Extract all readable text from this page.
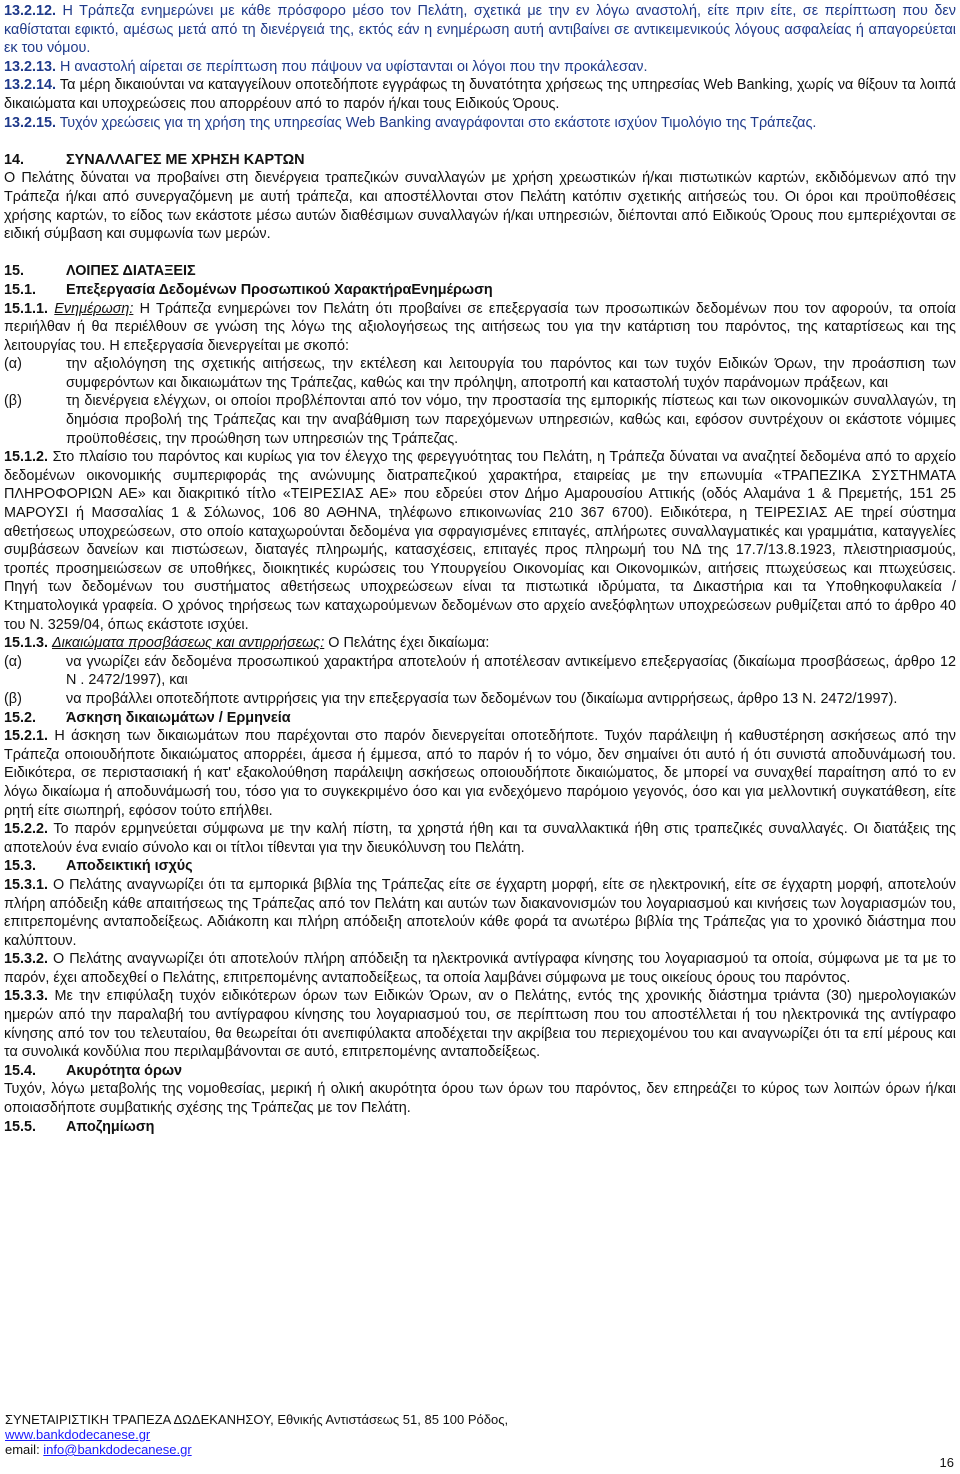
13.2.12. Η Τράπεζα ενημερώνει με κάθε πρόσφορο μέσο τον Πελάτη, σχετικά με την εν λόγω αναστολή, είτε πριν είτε, σε περίπτωση που δεν καθίσταται εφικτό, αμέσως μετά από τη διενέργειά της, εκτός εάν η ενημέρωση αυτή αντιβαίνει σε αντικειμενικούς λόγους ασφαλείας ή απαγορεύεται εκ του νόμου.

13.2.13. Η αναστολή αίρεται σε περίπτωση που πάψουν να υφίστανται οι λόγοι που την προκάλεσαν.

13.2.14. Τα μέρη δικαιούνται να καταγγείλουν οποτεδήποτε εγγράφως τη δυνατότητα χρήσεως της υπηρεσίας Web Banking, χωρίς να θίξουν τα λοιπά δικαιώματα και υποχρεώσεις που απορρέουν από το παρόν ή/και τους Ειδικούς Όρους.

13.2.15. Τυχόν χρεώσεις για τη χρήση της υπηρεσίας Web Banking αναγράφονται στο εκάστοτε ισχύον Τιμολόγιο της Τράπεζας.

14.	ΣΥΝΑΛΛΑΓΕΣ ΜΕ ΧΡΗΣΗ ΚΑΡΤΩΝ

Ο Πελάτης δύναται να προβαίνει στη διενέργεια τραπεζικών συναλλαγών με χρήση χρεωστικών ή/και πιστωτικών καρτών, εκδιδόμενων από την Τράπεζα ή/και από συνεργαζόμενη με αυτή τράπεζα, και αποστέλλονται στον Πελάτη κατόπιν σχετικής αιτήσεώς του. Οι όροι και προϋποθέσεις χρήσης καρτών, το είδος των εκάστοτε μέσω αυτών διαθέσιμων συναλλαγών ή/και υπηρεσιών, διέπονται από Ειδικούς Όρους που εμπεριέχονται σε ειδική σύμβαση και συμφωνία των μερών.

15.	ΛΟΙΠΕΣ ΔΙΑΤΑΞΕΙΣ
15.1.	Επεξεργασία Δεδομένων Προσωπικού ΧαρακτήραΕνημέρωση

15.1.1. Ενημέρωση: Η Τράπεζα ενημερώνει τον Πελάτη ότι προβαίνει σε επεξεργασία των προσωπικών δεδομένων που τον αφορούν, τα οποία περιήλθαν ή θα περιέλθουν σε γνώση της λόγω της αξιολογήσεως της αιτήσεως του για την κατάρτιση του παρόντος, της καταρτίσεως και της λειτουργίας του. Η επεξεργασία διενεργείται με σκοπό:

(α)	την αξιολόγηση της σχετικής αιτήσεως, την εκτέλεση και λειτουργία του παρόντος και των τυχόν Ειδικών Όρων, την προάσπιση των συμφερόντων και δικαιωμάτων της Τράπεζας, καθώς και την πρόληψη, αποτροπή και καταστολή τυχόν παράνομων πράξεων, και
(β)	τη διενέργεια ελέγχων, οι οποίοι προβλέπονται από τον νόμο, την προστασία της εμπορικής πίστεως και των οικονομικών συναλλαγών, τη δημόσια προβολή της Τράπεζας και την αναβάθμιση των παρεχόμενων υπηρεσιών, καθώς και, εφόσον συντρέχουν οι εκάστοτε νόμιμες προϋποθέσεις, την προώθηση των υπηρεσιών της Τράπεζας.

15.1.2. Στο πλαίσιο του παρόντος και κυρίως για τον έλεγχο της φερεγγυότητας του Πελάτη, η Τράπεζα δύναται να αναζητεί δεδομένα από το αρχείο δεδομένων οικονομικής συμπεριφοράς της ανώνυμης διατραπεζικού χαρακτήρα, εταιρείας με την επωνυμία «ΤΡΑΠΕΖΙΚΑ ΣΥΣΤΗΜΑΤΑ ΠΛΗΡΟΦΟΡΙΩΝ ΑΕ» και διακριτικό τίτλο «ΤΕΙΡΕΣΙΑΣ ΑΕ» που εδρεύει στον Δήμο Αμαρουσίου Αττικής (οδός Αλαμάνα 1 & Πρεμετής, 151 25 ΜΑΡΟΥΣΙ ή Μασσαλίας 1 & Σόλωνος, 106 80 ΑΘΗΝΑ, τηλέφωνο επικοινωνίας 210 367 6700). Ειδικότερα, η ΤΕΙΡΕΣΙΑΣ ΑΕ τηρεί σύστημα αθετήσεως υποχρεώσεων, στο οποίο καταχωρούνται δεδομένα για σφραγισμένες επιταγές, απλήρωτες συναλλαγματικές και γραμμάτια, καταγγελίες συμβάσεων δανείων και πιστώσεων, διαταγές πληρωμής, κατασχέσεις, επιταγές προς πληρωμή του ΝΔ της 17.7/13.8.1923, πλειστηριασμούς, τροπές προσημειώσεων σε υποθήκες, διοικητικές κυρώσεις του Υπουργείου Οικονομίας και Οικονομικών, αιτήσεις πτωχεύσεως και πτωχεύσεις. Πηγή των δεδομένων του συστήματος αθετήσεως υποχρεώσεων είναι τα πιστωτικά ιδρύματα, τα Δικαστήρια και τα Υποθηκοφυλακεία / Κτηματολογικά γραφεία. Ο χρόνος τηρήσεως των καταχωρούμενων δεδομένων στο αρχείο ανεξόφλητων υποχρεώσεων ρυθμίζεται από το άρθρο 40 του Ν. 3259/04, όπως εκάστοτε ισχύει.

15.1.3. Δικαιώματα προσβάσεως και αντιρρήσεως: Ο Πελάτης έχει δικαίωμα:

(α)	να γνωρίζει εάν δεδομένα προσωπικού χαρακτήρα αποτελούν ή αποτέλεσαν αντικείμενο επεξεργασίας (δικαίωμα προσβάσεως, άρθρο 12 Ν . 2472/1997), και
(β)	να προβάλλει οποτεδήποτε αντιρρήσεις για την επεξεργασία των δεδομένων του (δικαίωμα αντιρρήσεως, άρθρο 13 Ν. 2472/1997).
15.2.	Άσκηση δικαιωμάτων / Ερμηνεία

15.2.1. Η άσκηση των δικαιωμάτων που παρέχονται στο παρόν διενεργείται οποτεδήποτε. Τυχόν παράλειψη ή καθυστέρηση ασκήσεως από την Τράπεζα οποιουδήποτε δικαιώματος απορρέει, άμεσα ή έμμεσα, από το παρόν ή το νόμο, δεν σημαίνει ότι αυτό ή ότι συνιστά αποδυνάμωσή του. Ειδικότερα, σε περιστασιακή ή κατ' εξακολούθηση παράλειψη ασκήσεως οποιουδήποτε δικαιώματος, δε μπορεί να συναχθεί παραίτηση από το εν λόγω δικαίωμα ή αποδυνάμωσή του, τόσο για το συγκεκριμένο όσο και για ενδεχόμενο παρόμοιο γεγονός, όσο και για μελλοντική συγκατάθεση, είτε ρητή είτε σιωπηρή, εφόσον τούτο επήλθει.

15.2.2. Το παρόν ερμηνεύεται σύμφωνα με την καλή πίστη, τα χρηστά ήθη και τα συναλλακτικά ήθη στις τραπεζικές συναλλαγές. Οι διατάξεις της αποτελούν ένα ενιαίο σύνολο και οι τίτλοι τίθενται για την διευκόλυνση του Πελάτη.

15.3.	Αποδεικτική ισχύς

15.3.1. Ο Πελάτης αναγνωρίζει ότι τα εμπορικά βιβλία της Τράπεζας είτε σε έγχαρτη μορφή, είτε σε ηλεκτρονική, είτε σε έγχαρτη μορφή, αποτελούν πλήρη απόδειξη κάθε απαιτήσεως της Τράπεζας από τον Πελάτη και αυτών των διακανονισμών του λογαριασμού και κινήσεις των λογαριασμών του, επιτρεπομένης ανταποδείξεως. Αδιάκοπη και πλήρη απόδειξη αποτελούν κάθε φορά τα ανωτέρω βιβλία της Τράπεζας για το χρονικό διάστημα που καλύπτουν.

15.3.2. Ο Πελάτης αναγνωρίζει ότι αποτελούν πλήρη απόδειξη τα ηλεκτρονικά αντίγραφα κίνησης του λογαριασμού τα οποία, σύμφωνα με τα με το παρόν, έχει αποδεχθεί ο Πελάτης, επιτρεπομένης ανταποδείξεως, τα οποία λαμβάνει σύμφωνα με τους οικείους όρους του παρόντος.

15.3.3. Με την επιφύλαξη τυχόν ειδικότερων όρων των Ειδικών Όρων, αν ο Πελάτης, εντός της χρονικής διάστημα τριάντα (30) ημερολογιακών ημερών από την παραλαβή του αντίγραφου κίνησης του λογαριασμού του, σε περίπτωση που του αποστέλλεται ή του ηλεκτρονικά της αντίγραφο κίνησης από τον του τελευταίου, θα θεωρείται ότι ανεπιφύλακτα αποδέχεται την ακρίβεια του περιεχομένου του και αναγνωρίζει ότι τα επί μέρους και τα συνολικά κονδύλια που περιλαμβάνονται σε αυτό, επιτρεπομένης ανταποδείξεως.

15.4.	Ακυρότητα όρων

Τυχόν, λόγω μεταβολής της νομοθεσίας, μερική ή ολική ακυρότητα όρου των όρων του παρόντος, δεν επηρεάζει το κύρος των λοιπών όρων ή/και οποιασδήποτε συμβατικής σχέσης της Τράπεζας με τον Πελάτη.

15.5.	Αποζημίωση
ΣΥΝΕΤΑΙΡΙΣΤΙΚΗ ΤΡΑΠΕΖΑ ΔΩΔΕΚΑΝΗΣΟΥ, Εθνικής Αντιστάσεως 51, 85 100 Ρόδος,
www.bankdodecanese.gr
email: info@bankdodecanese.gr
16
